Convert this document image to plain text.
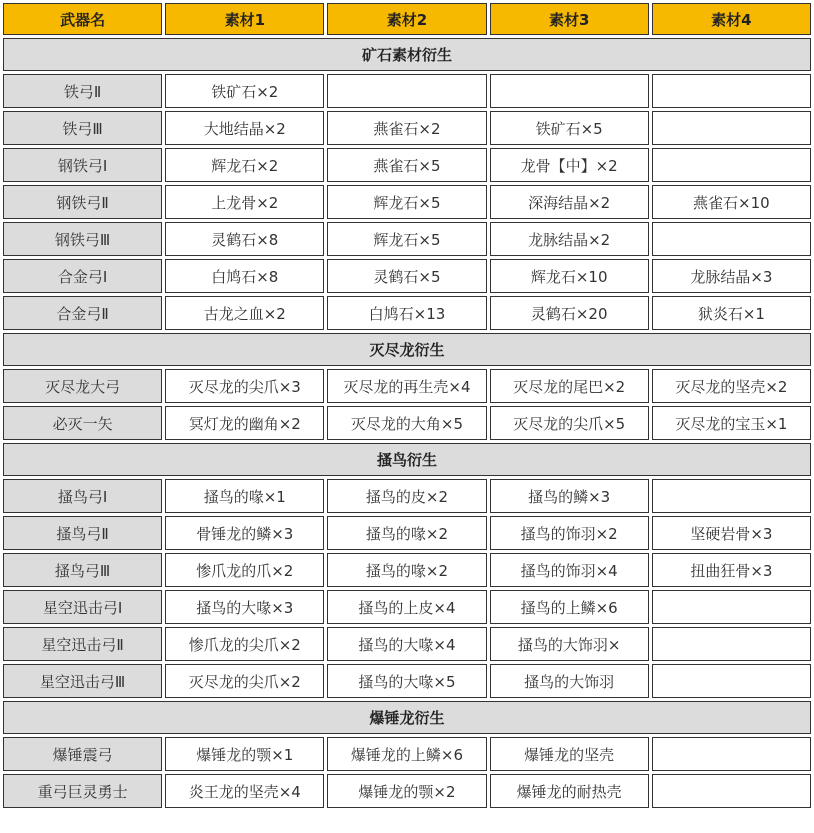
武器名	素材1	素材2	素材3	素材4
矿石素材衍生				
铁弓Ⅱ	铁矿石×2			
铁弓Ⅲ	大地结晶×2	燕雀石×2	铁矿石×5	
钢铁弓Ⅰ	辉龙石×2	燕雀石×5	龙骨【中】×2	
钢铁弓Ⅱ	上龙骨×2	辉龙石×5	深海结晶×2	燕雀石×10
钢铁弓Ⅲ	灵鹤石×8	辉龙石×5	龙脉结晶×2	
合金弓Ⅰ	白鸠石×8	灵鹤石×5	辉龙石×10	龙脉结晶×3
合金弓Ⅱ	古龙之血×2	白鸠石×13	灵鹤石×20	狱炎石×1
灭尽龙衍生				
灭尽龙大弓	灭尽龙的尖爪×3	灭尽龙的再生壳×4	灭尽龙的尾巴×2	灭尽龙的坚壳×2
必灭一矢	冥灯龙的幽角×2	灭尽龙的大角×5	灭尽龙的尖爪×5	灭尽龙的宝玉×1
搔鸟衍生				
搔鸟弓Ⅰ	搔鸟的喙×1	搔鸟的皮×2	搔鸟的鳞×3	
搔鸟弓Ⅱ	骨锤龙的鳞×3	搔鸟的喙×2	搔鸟的饰羽×2	坚硬岩骨×3
搔鸟弓Ⅲ	惨爪龙的爪×2	搔鸟的喙×2	搔鸟的饰羽×4	扭曲狂骨×3
星空迅击弓Ⅰ	搔鸟的大喙×3	搔鸟的上皮×4	搔鸟的上鳞×6	
星空迅击弓Ⅱ	惨爪龙的尖爪×2	搔鸟的大喙×4	搔鸟的大饰羽×	
星空迅击弓Ⅲ	灭尽龙的尖爪×2	搔鸟的大喙×5	搔鸟的大饰羽	
爆锤龙衍生				
爆锤震弓	爆锤龙的颚×1	爆锤龙的上鳞×6	爆锤龙的坚壳	
重弓巨灵勇士	炎王龙的坚壳×4	爆锤龙的颚×2	爆锤龙的耐热壳	
